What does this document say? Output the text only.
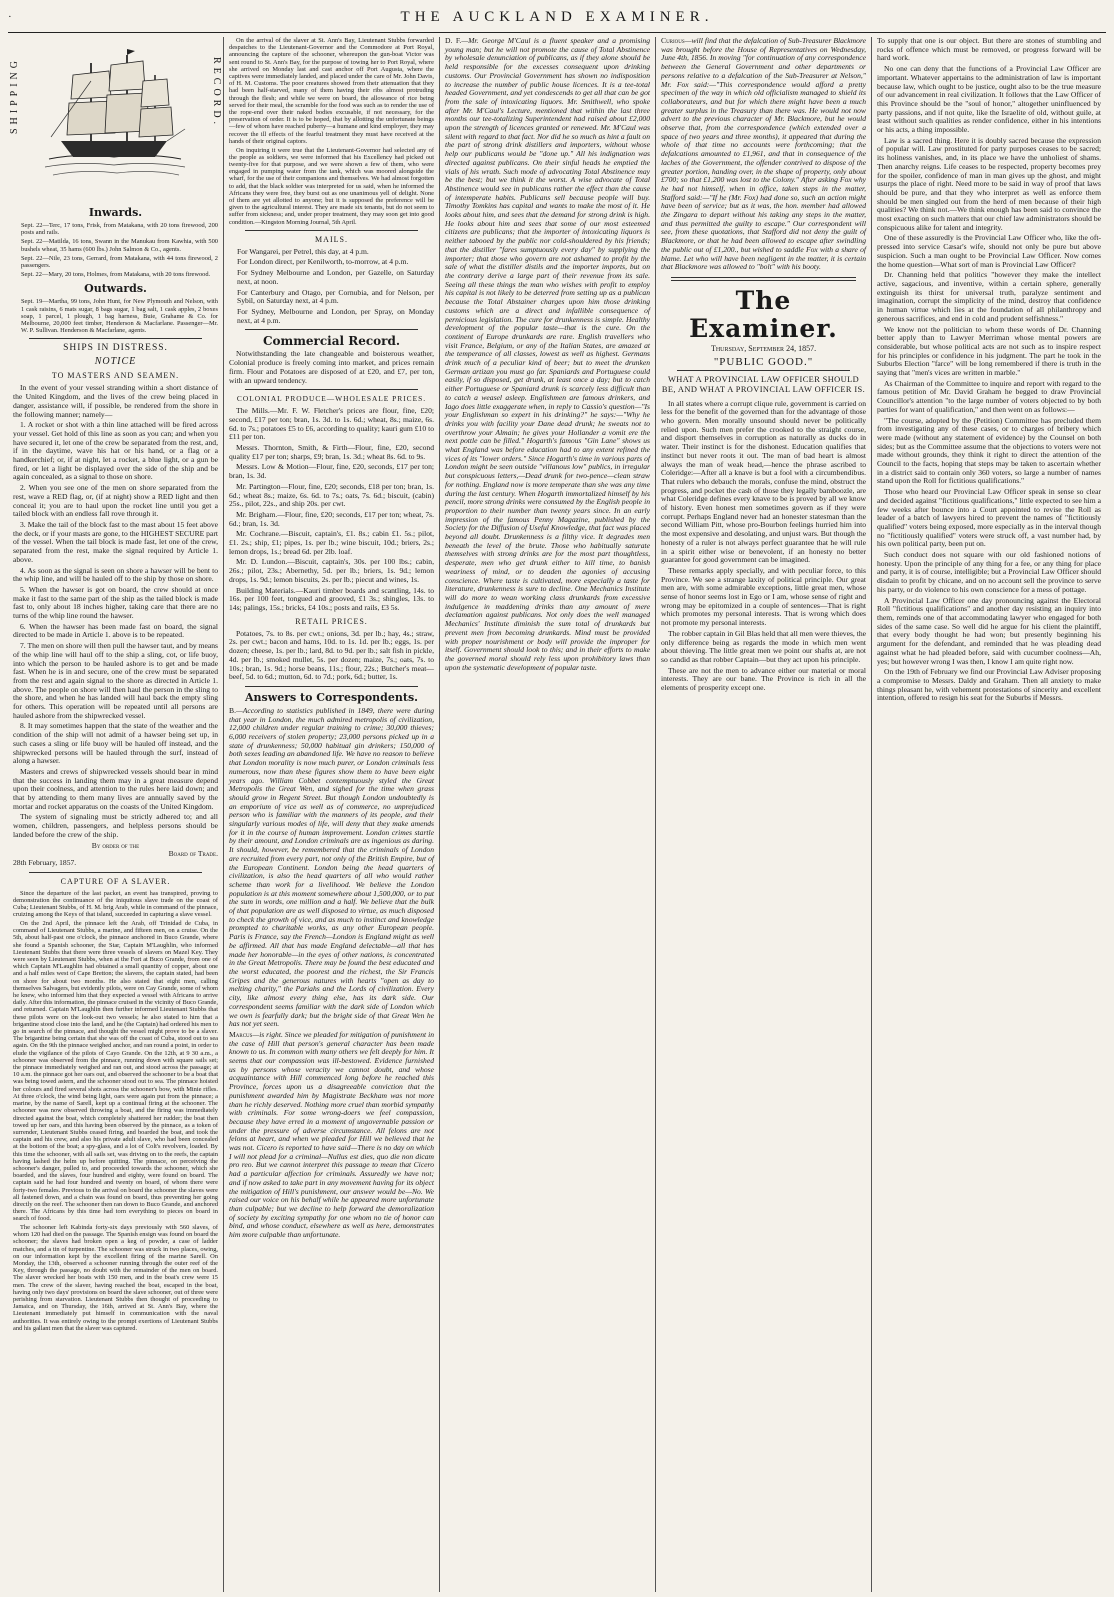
·	THE AUCKLAND EXAMINER.
SHIPPING	RECORD.
Inwards.

Sept. 22—Terc, 17 tons, Frisk, from Matakana, with 20 tons firewood, 200 posts and rails.

Sept. 22—Matilda, 16 tons, Swann in the Manukau from Kawhia, with 500 bushels wheat, 35 hams (600 lbs.) John Salmon & Co., agents.

Sept. 22—Nile, 23 tons, Gerrard, from Matakana, with 44 tons firewood, 2 passengers.

Sept. 22—Mary, 20 tons, Holmes, from Matakana, with 20 tons firewood.

Outwards.

Sept. 19—Martha, 99 tons, John Hunt, for New Plymouth and Nelson, with 1 cask raisins, 6 mats sugar, 8 bags sugar, 1 bag salt, 1 cask apples, 2 boxes soap, 1 parcel, 1 plough, 1 bag harness, Buie, Grahame & Co. for Melbourne, 20,000 feet timber, Henderson & Macfarlane. Passenger—Mr. W. P. Sullivan. Henderson & Macfarlane, agents.

SHIPS IN DISTRESS.
NOTICE
TO MASTERS AND SEAMEN.

In the event of your vessel stranding within a short distance of the United Kingdom, and the lives of the crew being placed in danger, assistance will, if possible, be rendered from the shore in the following manner; namely—

1. A rocket or shot with a thin line attached will be fired across your vessel. Get hold of this line as soon as you can; and when you have secured it, let one of the crew be separated from the rest, and, if in the daytime, wave his hat or his hand, or a flag or a handkerchief; or, if at night, let a rocket, a blue light, or a gun be fired, or let a light be displayed over the side of the ship and be again concealed, as a signal to those on shore.

2. When you see one of the men on shore separated from the rest, wave a RED flag, or, (if at night) show a RED light and then conceal it; you are to haul upon the rocket line until you get a tailed block with an endless fall rove through it.

3. Make the tail of the block fast to the mast about 15 feet above the deck, or if your masts are gone, to the HIGHEST SECURE part of the vessel. When the tail block is made fast, let one of the crew, separated from the rest, make the signal required by Article 1. above.

4. As soon as the signal is seen on shore a hawser will be bent to the whip line, and will be hauled off to the ship by those on shore.

5. When the hawser is got on board, the crew should at once make it fast to the same part of the ship as the tailed block is made fast to, only about 18 inches higher, taking care that there are no turns of the whip line round the hawser.

6. When the hawser has been made fast on board, the signal directed to be made in Article 1. above is to be repeated.

7. The men on shore will then pull the hawser taut, and by means of the whip line will haul off to the ship a sling, cot, or life buoy, into which the person to be hauled ashore is to get and be made fast. When he is in and secure, one of the crew must be separated from the rest and again signal to the shore as directed in Article 1. above. The people on shore will then haul the person in the sling to the shore, and when he has landed will haul back the empty sling for others. This operation will be repeated until all persons are hauled ashore from the shipwrecked vessel.

8. It may sometimes happen that the state of the weather and the condition of the ship will not admit of a hawser being set up, in such cases a sling or life buoy will be hauled off instead, and the shipwrecked persons will be hauled through the surf, instead of along a hawser.

Masters and crews of shipwrecked vessels should bear in mind that the success in landing them may in a great measure depend upon their coolness, and attention to the rules here laid down; and that by attending to them many lives are annually saved by the mortar and rocket apparatus on the coasts of the United Kingdom.

The system of signaling must be strictly adhered to; and all women, children, passengers, and helpless persons should be landed before the crew of the ship.

By order of the
Board of Trade.
28th February, 1857.
CAPTURE OF A SLAVER.

Since the departure of the last packet, an event has transpired, proving to demonstration the continuance of the iniquitous slave trade on the coast of Cuba; Lieutenant Stubbs, of H. M. brig Arab, while in command of the pinnace, cruizing among the Keys of that island, succeeded in capturing a slave vessel.

On the 2nd April, the pinnace left the Arab, off Trinidad de Cuba, in command of Lieutenant Stubbs, a marine, and fifteen men, on a cruise. On the 5th, about half-past one o'clock, the pinnace anchored in Buco Grande, where she found a Spanish schooner, the Star, Captain M'Laughlin, who informed Lieutenant Stubbs that there were three vessels of slavers on Mazel Key. They were seen by Lieutenant Stubbs, when at the Fort at Buco Grande, from one of which Captain M'Laughlin had obtained a small quantity of copper, about one and a half miles west of Cape Bretton; the slavers, the captain stated, had been on shore for about two months. He also stated that eight men, calling themselves Salvagers, but evidently pilots, were on Cay Grande, some of whom he knew, who informed him that they expected a vessel with Africans to arrive daily. After this information, the pinnace cruised in the vicinity of Buco Grande, and returned. Captain M'Laughlin then further informed Lieutenant Stubbs that these pilots were on the look-out two vessels; he also stated to him that a brigantine stood close into the land, and he (the Captain) had ordered his men to go in search of the pinnace, and thought the vessel might prove to be a slaver. The brigantine being certain that she was off the coast of Cuba, stood out to sea again. On the 9th the pinnace weighed anchor, and ran round a point, in order to elude the vigilance of the pilots of Cayo Grande. On the 12th, at 9 30 a.m., a schooner was observed from the pinnace, running down with square sails set; the pinnace immediately weighed and ran out, and stood across the passage; at 10 a.m. the pinnace got her oars out, and observed the schooner to be a boat that was being towed astern, and the schooner stood out to sea. The pinnace hoisted her colours and fired several shots across the schooner's bow, with Minie rifles. At three o'clock, the wind being light, oars were again put from the pinnace; a marine, by the name of Sarell, kept up a continual firing at the schooner. The schooner was now observed throwing a boat, and the firing was immediately directed against the boat, which completely shattered her rudder; the boat then towed up her oars, and this having been observed by the pinnace, as a token of surrender, Lieutenant Stubbs ceased firing, and boarded the boat, and took the captain and his crew, and also his private adult slave, who had been concealed at the bottom of the boat; a spy-glass, and a lot of Colt's revolvers, loaded. By this time the schooner, with all sails set, was driving on to the reefs, the captain having lashed the helm up before quitting. The pinnace, on perceiving the schooner's danger, pulled to, and proceeded towards the schooner, which she boarded, and the slaves, four hundred and eighty, were found on board. The captain said he had four hundred and twenty on board, of whom there were forty-two females. Previous to the arrival on board the schooner the slaves were all fastened down, and a chain was found on board, thus preventing her going directly on the reef. The schooner then ran down to Buco Grande, and anchored there. The Africans by this time had torn everything to pieces on board in search of food.

The schooner left Kabinda forty-six days previously with 560 slaves, of whom 120 had died on the passage. The Spanish ensign was found on board the schooner; the slaves had broken open a keg of powder, a case of ladder matches, and a tin of turpentine. The schooner was struck in two places, owing, on our information kept by the excellent firing of the marine Sarell. On Monday, the 13th, observed a schooner running through the outer reef of the Key, through the passage, no doubt with the remainder of the men on board. The slaver wrecked her boats with 150 men, and in the boat's crew were 15 men. The crew of the slaver, having reached the boat, escaped in the boat, having only two days' provisions on board the slave schooner, out of three were perishing from starvation. Lieutenant Stubbs then thought of proceeding to Jamaica, and on Thursday, the 16th, arrived at St. Ann's Bay, where the Lieutenant immediately put himself in communication with the naval authorities. It was entirely owing to the prompt exertions of Lieutenant Stubbs and his gallant men that the slaver was captured.

On the arrival of the slaver at St. Ann's Bay, Lieutenant Stubbs forwarded despatches to the Lieutenant-Governor and the Commodore at Port Royal, announcing the capture of the schooner, whereupon the gun-boat Victor was sent round to St. Ann's Bay, for the purpose of towing her to Port Royal, where she arrived on Monday last and cast anchor off Port Augusta, where the captives were immediately landed, and placed under the care of Mr. John Davis, of H. M. Customs. The poor creatures showed from their attenuation that they had been half-starved, many of them having their ribs almost protruding through the flesh; and while we were on board, the allowance of rice being served for their meal, the scramble for the food was such as to render the use of the rope-end over their naked bodies excusable, if not necessary, for the preservation of order. It is to be hoped, that by allotting the unfortunate beings—few of whom have reached puberty—a humane and kind employer, they may recover the ill effects of the fearful treatment they must have received at the hands of their original captors.

On inquiring it were true that the Lieutenant-Governor had selected any of the people as soldiers, we were informed that his Excellency had picked out twenty-five for that purpose, and we were shown a few of them, who were engaged in pumping water from the tank, which was moored alongside the wharf, for the use of their companions and themselves. We had almost forgotten to add, that the black soldier was interpreted for us said, when he informed the Africans they were free, they burst out as one unanimous yell of delight. None of them are yet allotted to anyone; but it is supposed the preference will be given to the agricultural interest. They are made six tenants, but do not seem to suffer from sickness; and, under proper treatment, they may soon get into good condition.—Kingston Morning Journal, 5th April.

MAILS.

For Wangarei, per Petrel, this day, at 4 p.m.

For London direct, per Kenilworth, to-morrow, at 4 p.m.

For Sydney Melbourne and London, per Gazelle, on Saturday next, at noon.

For Canterbury and Otago, per Cornubia, and for Nelson, per Sybil, on Saturday next, at 4 p.m.

For Sydney, Melbourne and London, per Spray, on Monday next, at 4 p.m.

Commercial Record.

Notwithstanding the late changeable and boisterous weather, Colonial produce is freely coming into market, and prices remain firm. Flour and Potatoes are disposed of at £20, and £7, per ton, with an upward tendency.

COLONIAL PRODUCE—WHOLESALE PRICES.

The Mills.—Mr. F. W. Fletcher's prices are flour, fine, £20; second, £17 per ton; bran, 1s. 3d. to 1s. 6d.; wheat, 8s.; maize, 6s. 6d. to 7s.; potatoes £5 to £6, according to quality; kauri gum £10 to £11 per ton.

Messrs. Thornton, Smith, & Firth—Flour, fine, £20, second quality £17 per ton; sharps, £9; bran, 1s. 3d.; wheat 8s. 6d. to 9s.

Messrs. Low & Motion—Flour, fine, £20, seconds, £17 per ton; bran, 1s. 3d.

Mr. Partington—Flour, fine, £20; seconds, £18 per ton; bran, 1s. 6d.; wheat 8s.; maize, 6s. 6d. to 7s.; oats, 7s. 6d.; biscuit, (cabin) 25s., pilot, 22s., and ship 20s. per cwt.

Mr. Brigham.—Flour, fine, £20; seconds, £17 per ton; wheat, 7s. 6d.; bran, 1s. 3d.

Mr. Cochrane.—Biscuit, captain's, £1. 8s.; cabin £1. 5s.; pilot, £1. 2s.; ship, £1; pipes, 1s. per lb.; wine biscuit, 10d.; briers, 2s.; lemon drops, 1s.; bread 6d. per 2lb. loaf.

Mr. D. Lundon.—Biscuit, captain's, 30s. per 100 lbs.; cabin, 26s.; pilot, 23s.; Abernethy, 5d. per lb.; briers, 1s. 9d.; lemon drops, 1s. 9d.; lemon biscuits, 2s. per lb.; piecut and wines, 1s.

Building Materials.—Kauri timber boards and scantling, 14s. to 16s. per 100 feet, tongued and grooved, £1 3s.; shingles, 13s. to 14s; palings, 15s.; bricks, £4 10s.; posts and rails, £3 5s.

RETAIL PRICES.

Potatoes, 7s. to 8s. per cwt.; onions, 3d. per lb.; hay, 4s.; straw, 2s. per cwt.; bacon and hams, 10d. to 1s. 1d. per lb.; eggs, 1s. per dozen; cheese, 1s. per lb.; lard, 8d. to 9d. per lb.; salt fish in pickle, 4d. per lb.; smoked mullet, 5s. per dozen; maize, 7s.; oats, 7s. to 10s.; bran, 1s. 9d.; horse beans, 11s.; flour, 22s.; Butcher's meat—beef, 5d. to 6d.; mutton, 6d. to 7d.; pork, 6d.; butter, 1s.

Answers to Correspondents.

B.—According to statistics published in 1849, there were during that year in London, the much admired metropolis of civilization, 12,000 children under regular training to crime; 30,000 thieves; 6,000 receivers of stolen property; 23,000 persons picked up in a state of drunkenness; 50,000 habitual gin drinkers; 150,000 of both sexes leading an abandoned life. We have no reason to believe that London morality is now much purer, or London criminals less numerous, now than these figures show them to have been eight years ago. William Cobbet contemptuously styled the Great Metropolis the Great Wen, and sighed for the time when grass should grow in Regent Street. But though London undoubtedly is an emporium of vice as well as of commerce, no unprejudiced person who is familiar with the manners of its people, and their singularly various modes of life, will deny that they make amends for it in the course of human improvement. London crimes startle by their amount, and London criminals are as ingenious as daring. It should, however, be remembered that the criminals of London are recruited from every part, not only of the British Empire, but of the European Continent. London being the head quarters of civilization, is also the head quarters of all who would rather scheme than work for a livelihood. We believe the London population is at this moment somewhere about 1,500,000, or to put the sum in words, one million and a half. We believe that the bulk of that population are as well disposed to virtue, as much disposed to check the growth of vice, and as much to instinct and knowledge prompted to charitable works, as any other European people. Paris is France, say the French—London is England might as well be affirmed. All that has made England delectable—all that has made her honorable—in the eyes of other nations, is concentrated in the Great Metropolis. There may be found the best educated and the worst educated, the poorest and the richest, the Sir Francis Gripes and the generous natures with hearts "open as day to melting charity," the Pariahs and the Lords of civilization. Every city, like almost every thing else, has its dark side. Our correspondent seems familiar with the dark side of London which we own is fearfully dark; but the bright side of that Great Wen he has not yet seen.

Marcus—is right. Since we pleaded for mitigation of punishment in the case of Hill that person's general character has been made known to us. In common with many others we felt deeply for him. It seems that our compassion was ill-bestowed. Evidence furnished us by persons whose veracity we cannot doubt, and whose acquaintance with Hill commenced long before he reached this Province, forces upon us a disagreeable conviction that the punishment awarded him by Magistrate Beckham was not more than he richly deserved. Nothing more cruel than morbid sympathy with criminals. For some wrong-doers we feel compassion, because they have erred in a moment of ungovernable passion or under the pressure of adverse circumstance. All felons are not felons at heart, and when we pleaded for Hill we believed that he was not. Cicero is reported to have said—There is no day on which I will not plead for a criminal—Nullus est dies, quo die non dicam pro reo. But we cannot interpret this passage to mean that Cicero had a particular affection for criminals. Assuredly we have not; and if now asked to take part in any movement having for its object the mitigation of Hill's punishment, our answer would be—No. We raised our voice on his behalf while he appeared more unfortunate than culpable; but we decline to help forward the demoralization of society by exciting sympathy for one whom no tie of honor can bind, and whose conduct, elsewhere as well as here, demonstrates him more culpable than unfortunate.

D. F.—Mr. George M'Caul is a fluent speaker and a promising young man; but he will not promote the cause of Total Abstinence by wholesale denunciation of publicans, as if they alone should be held responsible for the excesses consequent upon drinking customs. Our Provincial Government has shown no indisposition to increase the number of public house licences. It is a tee-total headed Government, and yet condescends to get all that can be got from the sale of intoxicating liquors. Mr. Smithwell, who spoke after Mr. M'Caul's Lecture, mentioned that within the last three months our tee-totalizing Superintendent had raised about £2,000 upon the strength of licences granted or renewed. Mr. M'Caul was silent with regard to that fact. Nor did he so much as hint a fault on the part of strong drink distillers and importers, without whose help our publicans would be "done up." All his indignation was directed against publicans. On their sinful heads he emptied the vials of his wrath. Such mode of advocating Total Abstinence may be the best; but we think it the worst. A wise advocate of Total Abstinence would see in publicans rather the effect than the cause of intemperate habits. Publicans sell because people will buy. Timothy Tomkins has capital and wants to make the most of it. He looks about him, and sees that the demand for strong drink is high. He looks about him and sees that some of our most esteemed citizens are publicans; that the importer of intoxicating liquors is neither tabooed by the public nor cold-shouldered by his friends; that the distiller "fares sumptuously every day" by supplying the importer; that those who govern are not ashamed to profit by the sale of what the distiller distils and the importer imports, but on the contrary derive a large part of their revenue from its sale. Seeing all these things the man who wishes with profit to employ his capital is not likely to be deterred from setting up as a publican because the Total Abstainer charges upon him those drinking customs which are a direct and infallible consequence of pernicious legislation. The cure for drunkenness is simple. Healthy development of the popular taste—that is the cure. On the continent of Europe drunkards are rare. English travellers who visit France, Belgium, or any of the Italian States, are amazed at the temperance of all classes, lowest as well as highest. Germans drink much of a peculiar kind of beer; but to meet the drunken German artizan you must go far. Spaniards and Portuguese could easily, if so disposed, get drunk, at least once a day; but to catch either Portuguese or Spaniard drunk is scarcely less difficult than to catch a weasel asleep. Englishmen are famous drinkers, and Iago does little exaggerate when, in reply to Cassio's question—"Is your Englishman so expert in his drinking?" he says:—"Why he drinks you with facility your Dane dead drunk; he sweats not to overthrow your Almain; he gives your Hollander a vomit ere the next pottle can be filled." Hogarth's famous "Gin Lane" shows us what England was before education had to any extent refined the vices of its "lower orders." Since Hogarth's time in various parts of London might be seen outside "villanous low" publics, in irregular but conspicuous letters,—Dead drunk for two-pence—clean straw for nothing. England now is more temperate than she was any time during the last century. When Hogarth immortalized himself by his pencil, more strong drinks were consumed by the English people in proportion to their number than twenty years since. In an early impression of the famous Penny Magazine, published by the Society for the Diffusion of Useful Knowledge, that fact was placed beyond all doubt. Drunkenness is a filthy vice. It degrades men beneath the level of the brute. Those who habitually saturate themselves with strong drinks are for the most part thoughtless, desperate, men who get drunk either to kill time, to banish weariness of mind, or to deaden the agonies of accusing conscience. Where taste is cultivated, more especially a taste for literature, drunkenness is sure to decline. One Mechanics Institute will do more to wean working class drunkards from excessive indulgence in maddening drinks than any amount of mere declamation against publicans. Not only does the well managed Mechanics' Institute diminish the sum total of drunkards but prevent men from becoming drunkards. Mind must be provided with proper nourishment or body will provide the improper for itself. Government should look to this; and in their efforts to make the governed moral should rely less upon prohibitory laws than upon the systematic development of popular taste.

Curious—will find that the defalcation of Sub-Treasurer Blackmore was brought before the House of Representatives on Wednesday, June 4th, 1856. In moving "for continuation of any correspondence between the General Government and other departments or persons relative to a defalcation of the Sub-Treasurer at Nelson," Mr. Fox said:—"This correspondence would afford a pretty specimen of the way in which old officialism managed to shield its collaborateurs, and but for which there might have been a much greater surplus in the Treasury than there was. He would not now advert to the previous character of Mr. Blackmore, but he would observe that, from the correspondence (which extended over a space of two years and three months), it appeared that during the whole of that time no accounts were forthcoming; that the defalcations amounted to £1,961, and that in consequence of the laches of the Government, the offender contrived to dispose of the greater portion, handing over, in the shape of property, only about £700; so that £1,200 was lost to the Colony." After asking Fox why he had not himself, when in office, taken steps in the matter, Stafford said:—"If he (Mr. Fox) had done so, such an action might have been of service; but as it was, the hon. member had allowed the Zingara to depart without his taking any steps in the matter, and thus permitted the guilty to escape." Our correspondent will see, from these quotations, that Stafford did not deny the guilt of Blackmore, or that he had been allowed to escape after swindling the public out of £1,200., but wished to saddle Fox with a share of blame. Let who will have been negligent in the matter, it is certain that Blackmore was allowed to "bolt" with his booty.

The Examiner.
Thursday, September 24, 1857.
"PUBLIC GOOD."
WHAT A PROVINCIAL LAW OFFICER SHOULD BE, AND WHAT A PROVINCIAL LAW OFFICER IS.

In all states where a corrupt clique rule, government is carried on less for the benefit of the governed than for the advantage of those who govern. Men morally unsound should never be politically relied upon. Such men prefer the crooked to the straight course, and disport themselves in corruption as naturally as ducks do in water. Their instinct is for the dishonest. Education qualifies that instinct but never roots it out. The man of bad heart is almost always the man of weak head,—hence the phrase ascribed to Coleridge:—After all a knave is but a fool with a circumbendibus. That rulers who debauch the morals, confuse the mind, obstruct the progress, and pocket the cash of those they legally bamboozle, are what Coleridge defines every knave to be is proved by all we know of history. Even honest men sometimes govern as if they were corrupt. Perhaps England never had an honester statesman than the second William Pitt, whose pro-Bourbon feelings hurried him into the most expensive and desolating, and unjust wars. But though the honesty of a ruler is not always perfect guarantee that he will rule in a spirit either wise or benevolent, if an honesty no better guarantee for good government can be imagined.

These remarks apply specially, and with peculiar force, to this Province. We see a strange laxity of political principle. Our great men are, with some admirable exceptions, little great men, whose sense of honor seems lost in Ego or I am, whose sense of right and wrong may be epitomized in a couple of sentences—That is right which promotes my personal interests. That is wrong which does not promote my personal interests.

The robber captain in Gil Blas held that all men were thieves, the only difference being as regards the mode in which men went about thieving. The little great men we point our shafts at, are not so candid as that robber Captain—but they act upon his principle.

These are not the men to advance either our material or moral interests. They are our bane. The Province is rich in all the elements of prosperity except one.

To supply that one is our object. But there are stones of stumbling and rocks of offence which must be removed, or progress forward will be hard work.

No one can deny that the functions of a Provincial Law Officer are important. Whatever appertains to the administration of law is important because law, which ought to be justice, ought also to be the true measure of our advancement in real civilization. It follows that the Law Officer of this Province should be the "soul of honor," altogether uninfluenced by party passions, and if not quite, like the Israelite of old, without guile, at least without such qualities as render confidence, either in his intentions or his acts, a thing impossible.

Law is a sacred thing. Here it is doubly sacred because the expression of popular will. Law prostituted for party purposes ceases to be sacred; its holiness vanishes, and, in its place we have the unholiest of shams. Then anarchy reigns. Life ceases to be respected, property becomes prey for the spoiler, confidence of man in man gives up the ghost, and might usurps the place of right. Need more to be said in way of proof that laws should be pure, and that they who interpret as well as enforce them should be men singled out from the herd of men because of their high qualities? We think not.—We think enough has been said to convince the most exacting on such matters that our chief law administrators should be conspicuous alike for talent and integrity.

One of these assuredly is the Provincial Law Officer who, like the oft-pressed into service Cæsar's wife, should not only be pure but above suspicion. Such a man ought to be Provincial Law Officer. Now comes the home question—What sort of man is Provincial Law Officer?

Dr. Channing held that politics "however they make the intellect active, sagacious, and inventive, within a certain sphere, generally extinguish its thirst for universal truth, paralyze sentiment and imagination, corrupt the simplicity of the mind, destroy that confidence in human virtue which lies at the foundation of all philanthropy and generous sacrifices, and end in cold and prudent selfishness."

We know not the politician to whom these words of Dr. Channing better apply than to Lawyer Merriman whose mental powers are considerable, but whose political acts are not such as to inspire respect for his principles or confidence in his judgment. The part he took in the Suburbs Election "farce" will be long remembered if there is truth in the saying that "men's vices are written in marble."

As Chairman of the Committee to inquire and report with regard to the famous petition of Mr. David Graham he begged to draw Provincial Councillor's attention "to the large number of voters objected to by both parties for want of qualification," and then went on as follows:—

"The course, adopted by the (Petition) Committee has precluded them from investigating any of these cases, or to charges of bribery which were made (without any statement of evidence) by the Counsel on both sides; but as the Committee assume that the objections to voters were not made without grounds, they think it right to direct the attention of the Council to the facts, hoping that steps may be taken to ascertain whether in a district said to contain only 360 voters, so large a number of names stand upon the Roll for fictitious qualifications."

Those who heard our Provincial Law Officer speak in sense so clear and decided against "fictitious qualifications," little expected to see him a few weeks after bounce into a Court appointed to revise the Roll as leader of a batch of lawyers hired to prevent the names of "fictitiously qualified" voters being exposed, more especially as in the interval though no "fictitiously qualified" voters were struck off, a vast number had, by his own political party, been put on.

Such conduct does not square with our old fashioned notions of honesty. Upon the principle of any thing for a fee, or any thing for place and party, it is of course, intelligible; but a Provincial Law Officer should disdain to profit by chicane, and on no account sell the province to serve his party, or do violence to his own conscience for a mess of pottage.

A Provincial Law Officer one day pronouncing against the Electoral Roll "fictitious qualifications" and another day resisting an inquiry into them, reminds one of that accommodating lawyer who engaged for both sides of the same case. So well did he argue for his client the plaintiff, that every body thought he had won; but presently beginning his argument for the defendant, and reminded that he was pleading dead against what he had pleaded before, said with cucumber coolness—Ah, yes; but however wrong I was then, I know I am quite right now.

On the 19th of February we find our Provincial Law Adviser proposing a compromise to Messrs. Daldy and Graham. Then all anxiety to make things pleasant he, with vehement protestations of sincerity and excellent intention, offered to resign his seat for the Suburbs if Messrs.
